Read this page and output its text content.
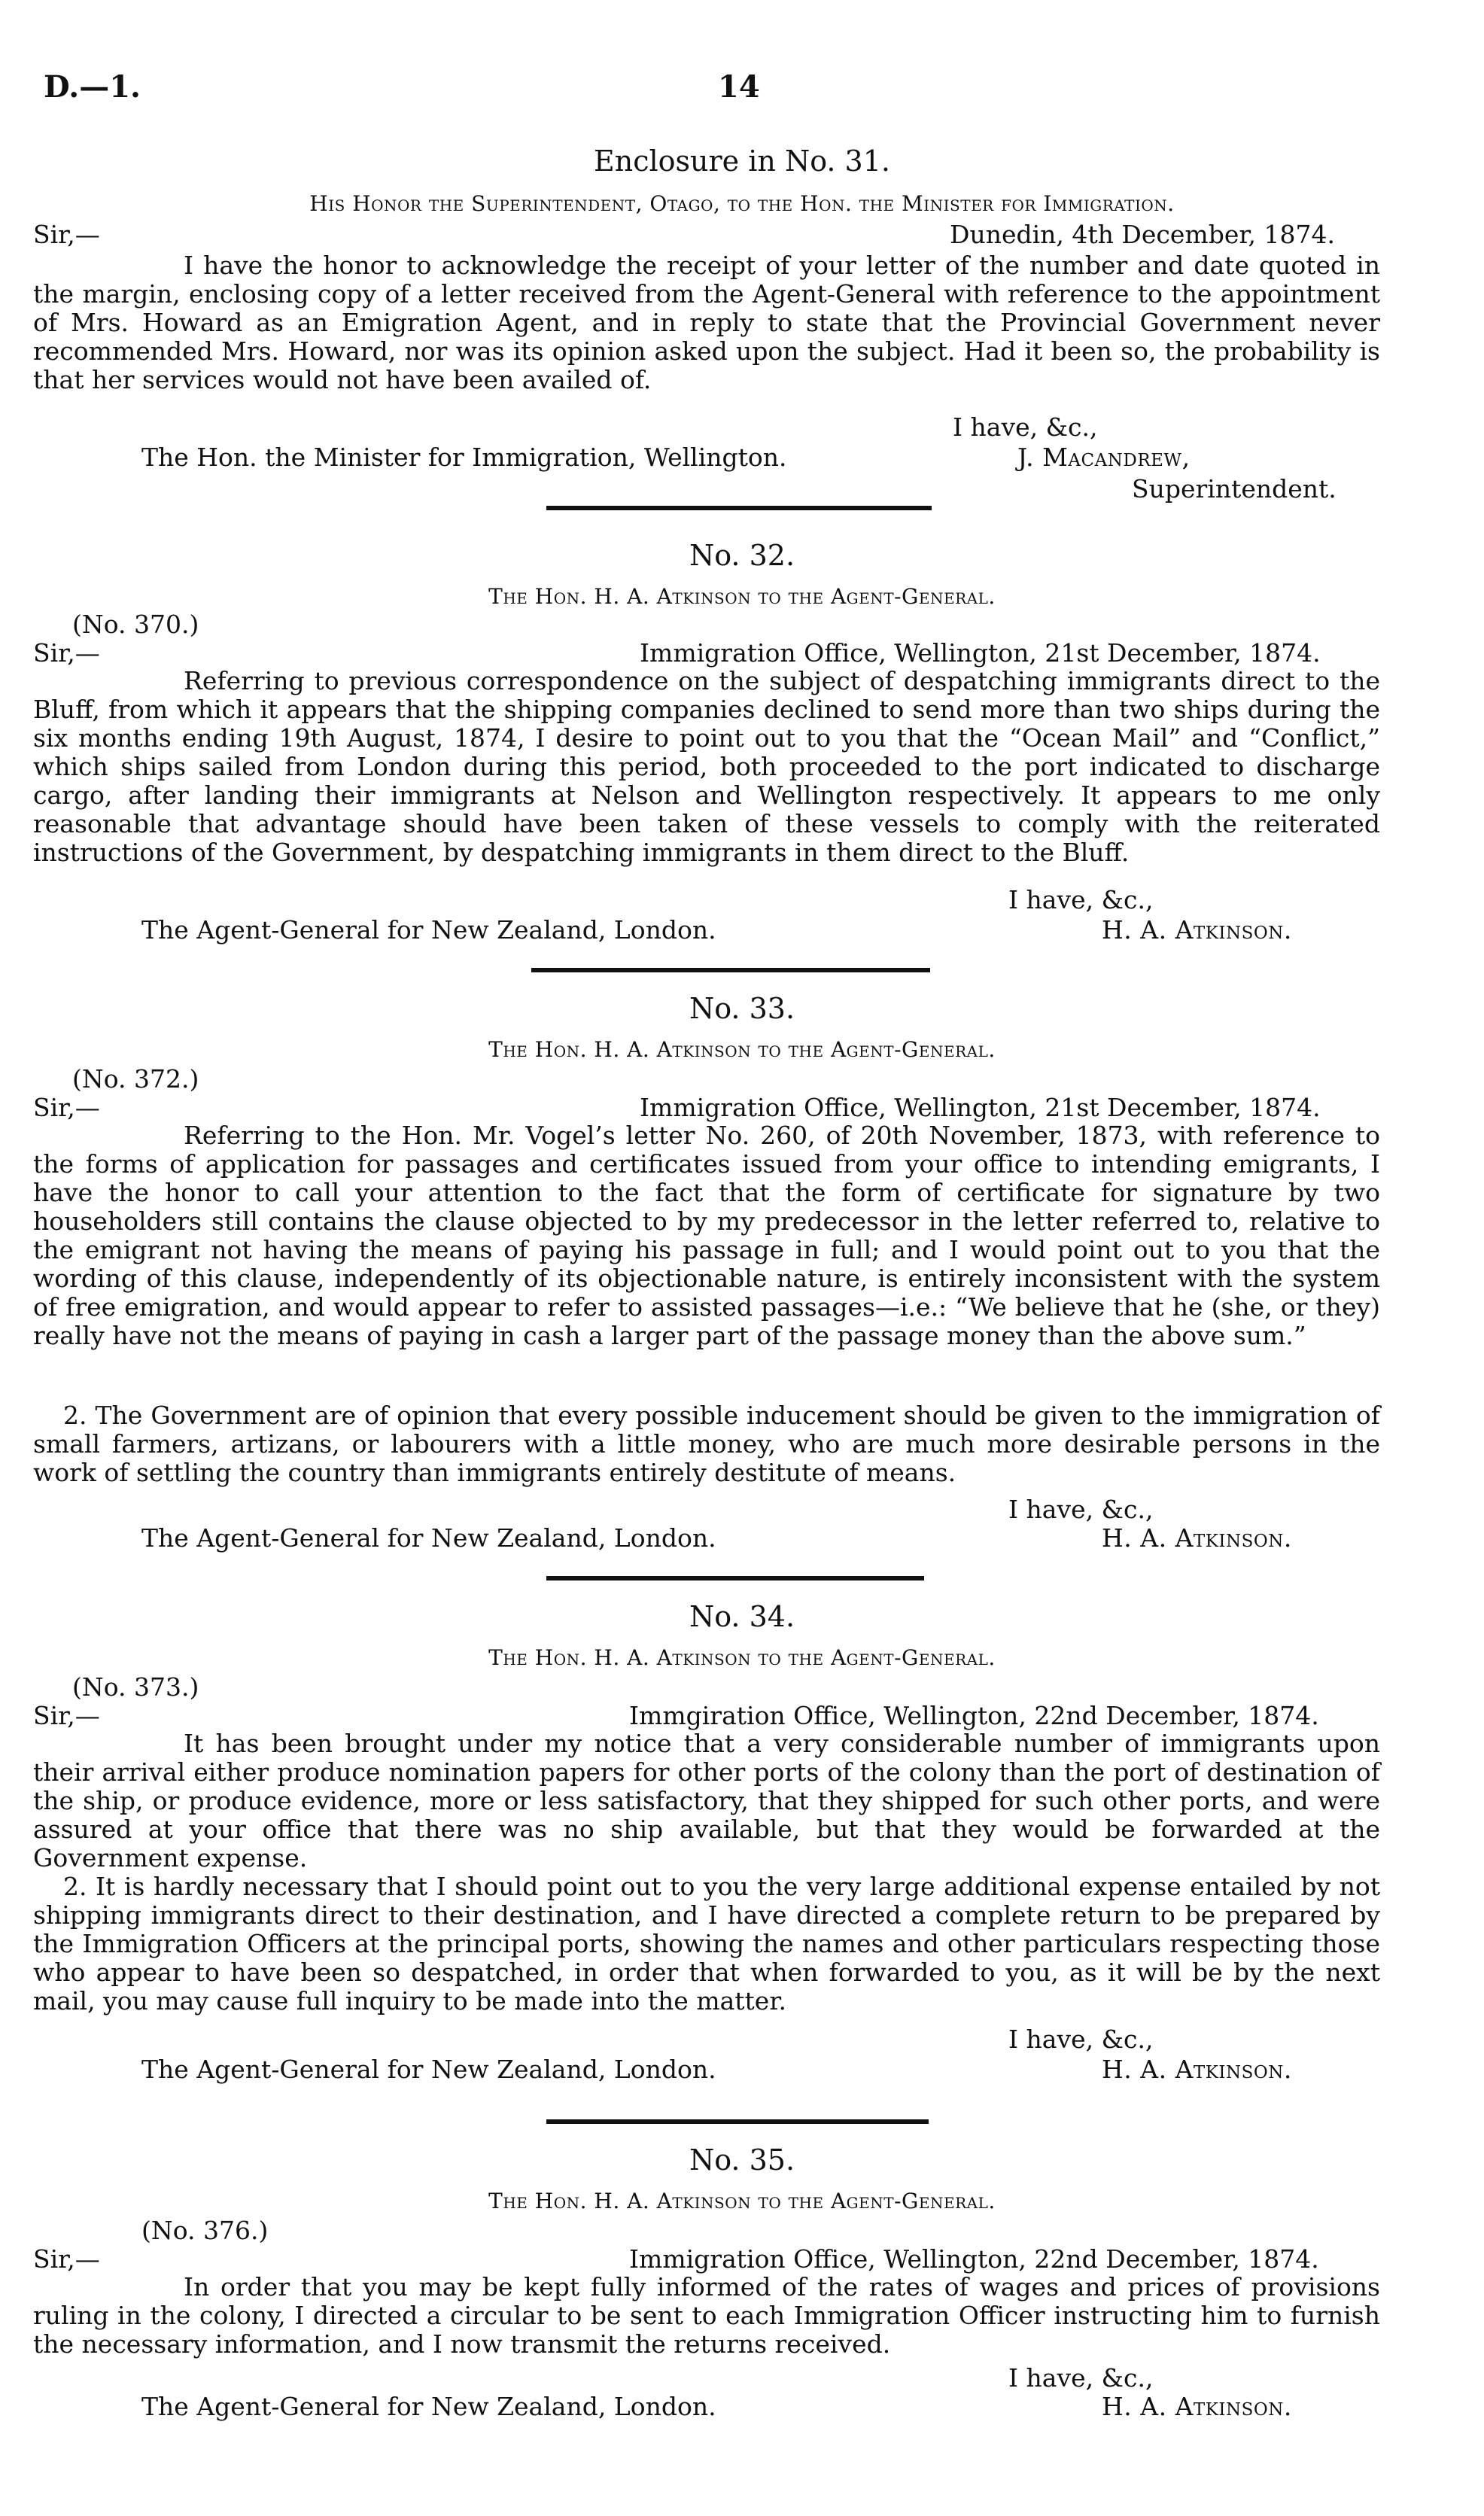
D.—1.	14
Enclosure in No. 31.
His Honor the Superintendent, Otago, to the Hon. the Minister for Immigration.
Sir,—	Dunedin, 4th December, 1874.

I have the honor to acknowledge the receipt of your letter of the number and date quoted in the margin, enclosing copy of a letter received from the Agent-General with reference to the appointment of Mrs. Howard as an Emigration Agent, and in reply to state that the Provincial Government never recommended Mrs. Howard, nor was its opinion asked upon the subject. Had it been so, the probability is that her services would not have been availed of.

I have, &c.,
The Hon. the Minister for Immigration, Wellington.	J. Macandrew,
Superintendent.
No. 32.
The Hon. H. A. Atkinson to the Agent-General.
(No. 370.)
Sir,—	Immigration Office, Wellington, 21st December, 1874.

Referring to previous correspondence on the subject of despatching immigrants direct to the Bluff, from which it appears that the shipping companies declined to send more than two ships during the six months ending 19th August, 1874, I desire to point out to you that the “Ocean Mail” and “Conflict,” which ships sailed from London during this period, both proceeded to the port indicated to discharge cargo, after landing their immigrants at Nelson and Wellington respectively. It appears to me only reasonable that advantage should have been taken of these vessels to comply with the reiterated instructions of the Government, by despatching immigrants in them direct to the Bluff.

I have, &c.,
The Agent-General for New Zealand, London.	H. A. Atkinson.
No. 33.
The Hon. H. A. Atkinson to the Agent-General.
(No. 372.)
Sir,—	Immigration Office, Wellington, 21st December, 1874.

Referring to the Hon. Mr. Vogel’s letter No. 260, of 20th November, 1873, with reference to the forms of application for passages and certificates issued from your office to intending emigrants, I have the honor to call your attention to the fact that the form of certificate for signature by two householders still contains the clause objected to by my predecessor in the letter referred to, relative to the emigrant not having the means of paying his passage in full; and I would point out to you that the wording of this clause, independently of its objectionable nature, is entirely inconsistent with the system of free emigration, and would appear to refer to assisted passages—i.e.: “We believe that he (she, or they) really have not the means of paying in cash a larger part of the passage money than the above sum.”

2. The Government are of opinion that every possible inducement should be given to the immigration of small farmers, artizans, or labourers with a little money, who are much more desirable persons in the work of settling the country than immigrants entirely destitute of means.

I have, &c.,
The Agent-General for New Zealand, London.	H. A. Atkinson.
No. 34.
The Hon. H. A. Atkinson to the Agent-General.
(No. 373.)
Sir,—	Immgiration Office, Wellington, 22nd December, 1874.

It has been brought under my notice that a very considerable number of immigrants upon their arrival either produce nomination papers for other ports of the colony than the port of destination of the ship, or produce evidence, more or less satisfactory, that they shipped for such other ports, and were assured at your office that there was no ship available, but that they would be forwarded at the Government expense.

2. It is hardly necessary that I should point out to you the very large additional expense entailed by not shipping immigrants direct to their destination, and I have directed a complete return to be prepared by the Immigration Officers at the principal ports, showing the names and other particulars respecting those who appear to have been so despatched, in order that when forwarded to you, as it will be by the next mail, you may cause full inquiry to be made into the matter.

I have, &c.,
The Agent-General for New Zealand, London.	H. A. Atkinson.
No. 35.
The Hon. H. A. Atkinson to the Agent-General.
(No. 376.)
Sir,—	Immigration Office, Wellington, 22nd December, 1874.

In order that you may be kept fully informed of the rates of wages and prices of provisions ruling in the colony, I directed a circular to be sent to each Immigration Officer instructing him to furnish the necessary information, and I now transmit the returns received.

I have, &c.,
The Agent-General for New Zealand, London.	H. A. Atkinson.
